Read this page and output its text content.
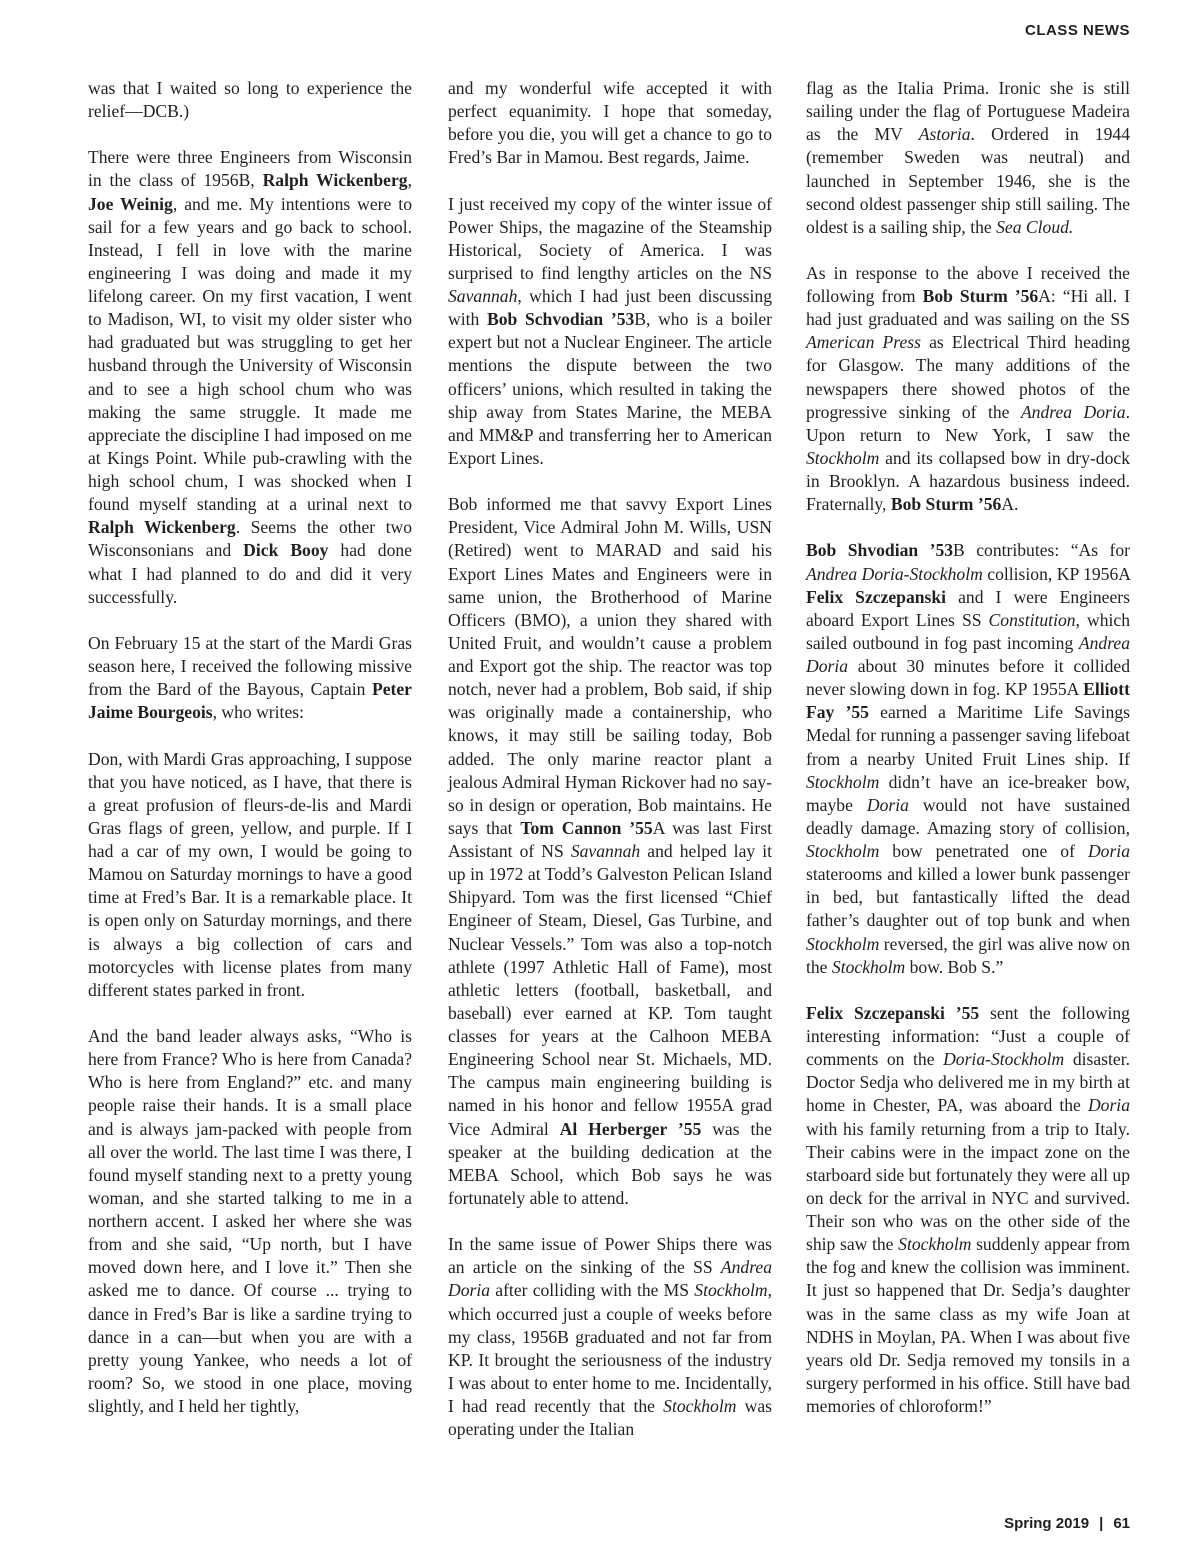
CLASS NEWS

was that I waited so long to experience the relief—DCB.)

There were three Engineers from Wisconsin in the class of 1956B, Ralph Wickenberg, Joe Weinig, and me. My intentions were to sail for a few years and go back to school. Instead, I fell in love with the marine engineering I was doing and made it my lifelong career. On my first vacation, I went to Madison, WI, to visit my older sister who had graduated but was struggling to get her husband through the University of Wisconsin and to see a high school chum who was making the same struggle. It made me appreciate the discipline I had imposed on me at Kings Point. While pub-crawling with the high school chum, I was shocked when I found myself standing at a urinal next to Ralph Wickenberg. Seems the other two Wisconsonians and Dick Booy had done what I had planned to do and did it very successfully.

On February 15 at the start of the Mardi Gras season here, I received the following missive from the Bard of the Bayous, Captain Peter Jaime Bourgeois, who writes:

Don, with Mardi Gras approaching, I suppose that you have noticed, as I have, that there is a great profusion of fleurs-de-lis and Mardi Gras flags of green, yellow, and purple. If I had a car of my own, I would be going to Mamou on Saturday mornings to have a good time at Fred’s Bar. It is a remarkable place. It is open only on Saturday mornings, and there is always a big collection of cars and motorcycles with license plates from many different states parked in front.

And the band leader always asks, “Who is here from France? Who is here from Canada? Who is here from England?” etc. and many people raise their hands. It is a small place and is always jam-packed with people from all over the world. The last time I was there, I found myself standing next to a pretty young woman, and she started talking to me in a northern accent. I asked her where she was from and she said, “Up north, but I have moved down here, and I love it.” Then she asked me to dance. Of course ... trying to dance in Fred’s Bar is like a sardine trying to dance in a can—but when you are with a pretty young Yankee, who needs a lot of room? So, we stood in one place, moving slightly, and I held her tightly,

and my wonderful wife accepted it with perfect equanimity. I hope that someday, before you die, you will get a chance to go to Fred’s Bar in Mamou. Best regards, Jaime.

I just received my copy of the winter issue of Power Ships, the magazine of the Steamship Historical, Society of America. I was surprised to find lengthy articles on the NS Savannah, which I had just been discussing with Bob Schvodian ’53B, who is a boiler expert but not a Nuclear Engineer. The article mentions the dispute between the two officers’ unions, which resulted in taking the ship away from States Marine, the MEBA and MM&P and transferring her to American Export Lines.

Bob informed me that savvy Export Lines President, Vice Admiral John M. Wills, USN (Retired) went to MARAD and said his Export Lines Mates and Engineers were in same union, the Brotherhood of Marine Officers (BMO), a union they shared with United Fruit, and wouldn’t cause a problem and Export got the ship. The reactor was top notch, never had a problem, Bob said, if ship was originally made a containership, who knows, it may still be sailing today, Bob added. The only marine reactor plant a jealous Admiral Hyman Rickover had no say-so in design or operation, Bob maintains. He says that Tom Cannon ’55A was last First Assistant of NS Savannah and helped lay it up in 1972 at Todd’s Galveston Pelican Island Shipyard. Tom was the first licensed “Chief Engineer of Steam, Diesel, Gas Turbine, and Nuclear Vessels.” Tom was also a top-notch athlete (1997 Athletic Hall of Fame), most athletic letters (football, basketball, and baseball) ever earned at KP. Tom taught classes for years at the Calhoon MEBA Engineering School near St. Michaels, MD. The campus main engineering building is named in his honor and fellow 1955A grad Vice Admiral Al Herberger ’55 was the speaker at the building dedication at the MEBA School, which Bob says he was fortunately able to attend.

In the same issue of Power Ships there was an article on the sinking of the SS Andrea Doria after colliding with the MS Stockholm, which occurred just a couple of weeks before my class, 1956B graduated and not far from KP. It brought the seriousness of the industry I was about to enter home to me. Incidentally, I had read recently that the Stockholm was operating under the Italian

flag as the Italia Prima. Ironic she is still sailing under the flag of Portuguese Madeira as the MV Astoria. Ordered in 1944 (remember Sweden was neutral) and launched in September 1946, she is the second oldest passenger ship still sailing. The oldest is a sailing ship, the Sea Cloud.

As in response to the above I received the following from Bob Sturm ’56A: “Hi all. I had just graduated and was sailing on the SS American Press as Electrical Third heading for Glasgow. The many additions of the newspapers there showed photos of the progressive sinking of the Andrea Doria. Upon return to New York, I saw the Stockholm and its collapsed bow in dry-dock in Brooklyn. A hazardous business indeed. Fraternally, Bob Sturm ’56A.

Bob Shvodian ’53B contributes: “As for Andrea Doria-Stockholm collision, KP 1956A Felix Szczepanski and I were Engineers aboard Export Lines SS Constitution, which sailed outbound in fog past incoming Andrea Doria about 30 minutes before it collided never slowing down in fog. KP 1955A Elliott Fay ’55 earned a Maritime Life Savings Medal for running a passenger saving lifeboat from a nearby United Fruit Lines ship. If Stockholm didn’t have an ice-breaker bow, maybe Doria would not have sustained deadly damage. Amazing story of collision, Stockholm bow penetrated one of Doria staterooms and killed a lower bunk passenger in bed, but fantastically lifted the dead father’s daughter out of top bunk and when Stockholm reversed, the girl was alive now on the Stockholm bow. Bob S.”

Felix Szczepanski ’55 sent the following interesting information: “Just a couple of comments on the Doria-Stockholm disaster. Doctor Sedja who delivered me in my birth at home in Chester, PA, was aboard the Doria with his family returning from a trip to Italy. Their cabins were in the impact zone on the starboard side but fortunately they were all up on deck for the arrival in NYC and survived. Their son who was on the other side of the ship saw the Stockholm suddenly appear from the fog and knew the collision was imminent. It just so happened that Dr. Sedja’s daughter was in the same class as my wife Joan at NDHS in Moylan, PA. When I was about five years old Dr. Sedja removed my tonsils in a surgery performed in his office. Still have bad memories of chloroform!”

Spring 2019 | 61
